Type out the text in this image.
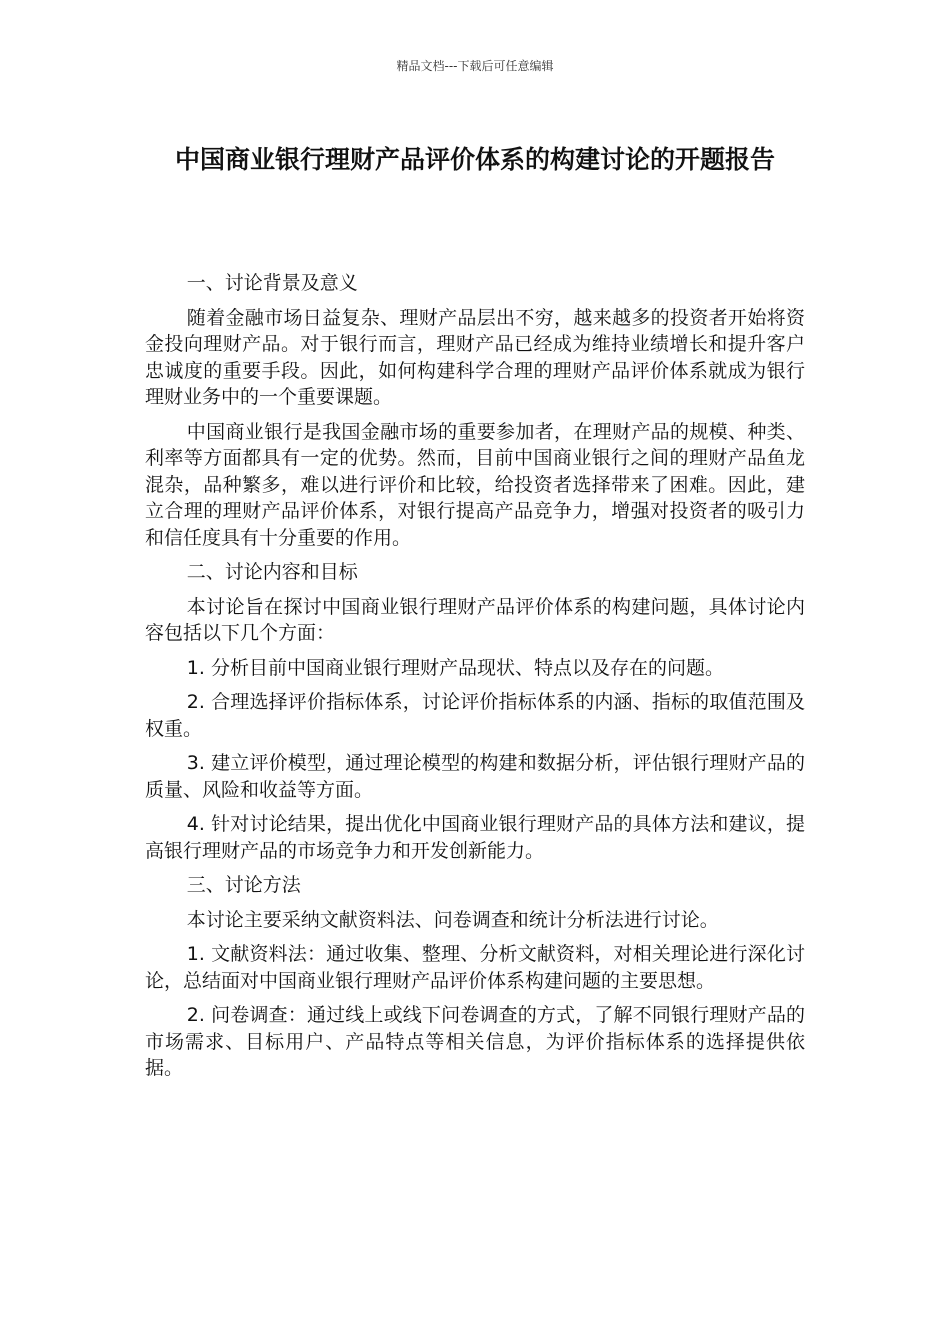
精品文档---下载后可任意编辑
中国商业银行理财产品评价体系的构建讨论的开题报告

一、讨论背景及意义

随着金融市场日益复杂、理财产品层出不穷，越来越多的投资者开始将资金投向理财产品。对于银行而言，理财产品已经成为维持业绩增长和提升客户忠诚度的重要手段。因此，如何构建科学合理的理财产品评价体系就成为银行理财业务中的一个重要课题。

中国商业银行是我国金融市场的重要参加者，在理财产品的规模、种类、利率等方面都具有一定的优势。然而，目前中国商业银行之间的理财产品鱼龙混杂，品种繁多，难以进行评价和比较，给投资者选择带来了困难。因此，建立合理的理财产品评价体系，对银行提高产品竞争力，增强对投资者的吸引力和信任度具有十分重要的作用。

二、讨论内容和目标

本讨论旨在探讨中国商业银行理财产品评价体系的构建问题，具体讨论内容包括以下几个方面：

1. 分析目前中国商业银行理财产品现状、特点以及存在的问题。

2. 合理选择评价指标体系，讨论评价指标体系的内涵、指标的取值范围及权重。

3. 建立评价模型，通过理论模型的构建和数据分析，评估银行理财产品的质量、风险和收益等方面。

4. 针对讨论结果，提出优化中国商业银行理财产品的具体方法和建议，提高银行理财产品的市场竞争力和开发创新能力。

三、讨论方法

本讨论主要采纳文献资料法、问卷调查和统计分析法进行讨论。

1. 文献资料法：通过收集、整理、分析文献资料，对相关理论进行深化讨论，总结面对中国商业银行理财产品评价体系构建问题的主要思想。

2. 问卷调查：通过线上或线下问卷调查的方式，了解不同银行理财产品的市场需求、目标用户、产品特点等相关信息，为评价指标体系的选择提供依据。
